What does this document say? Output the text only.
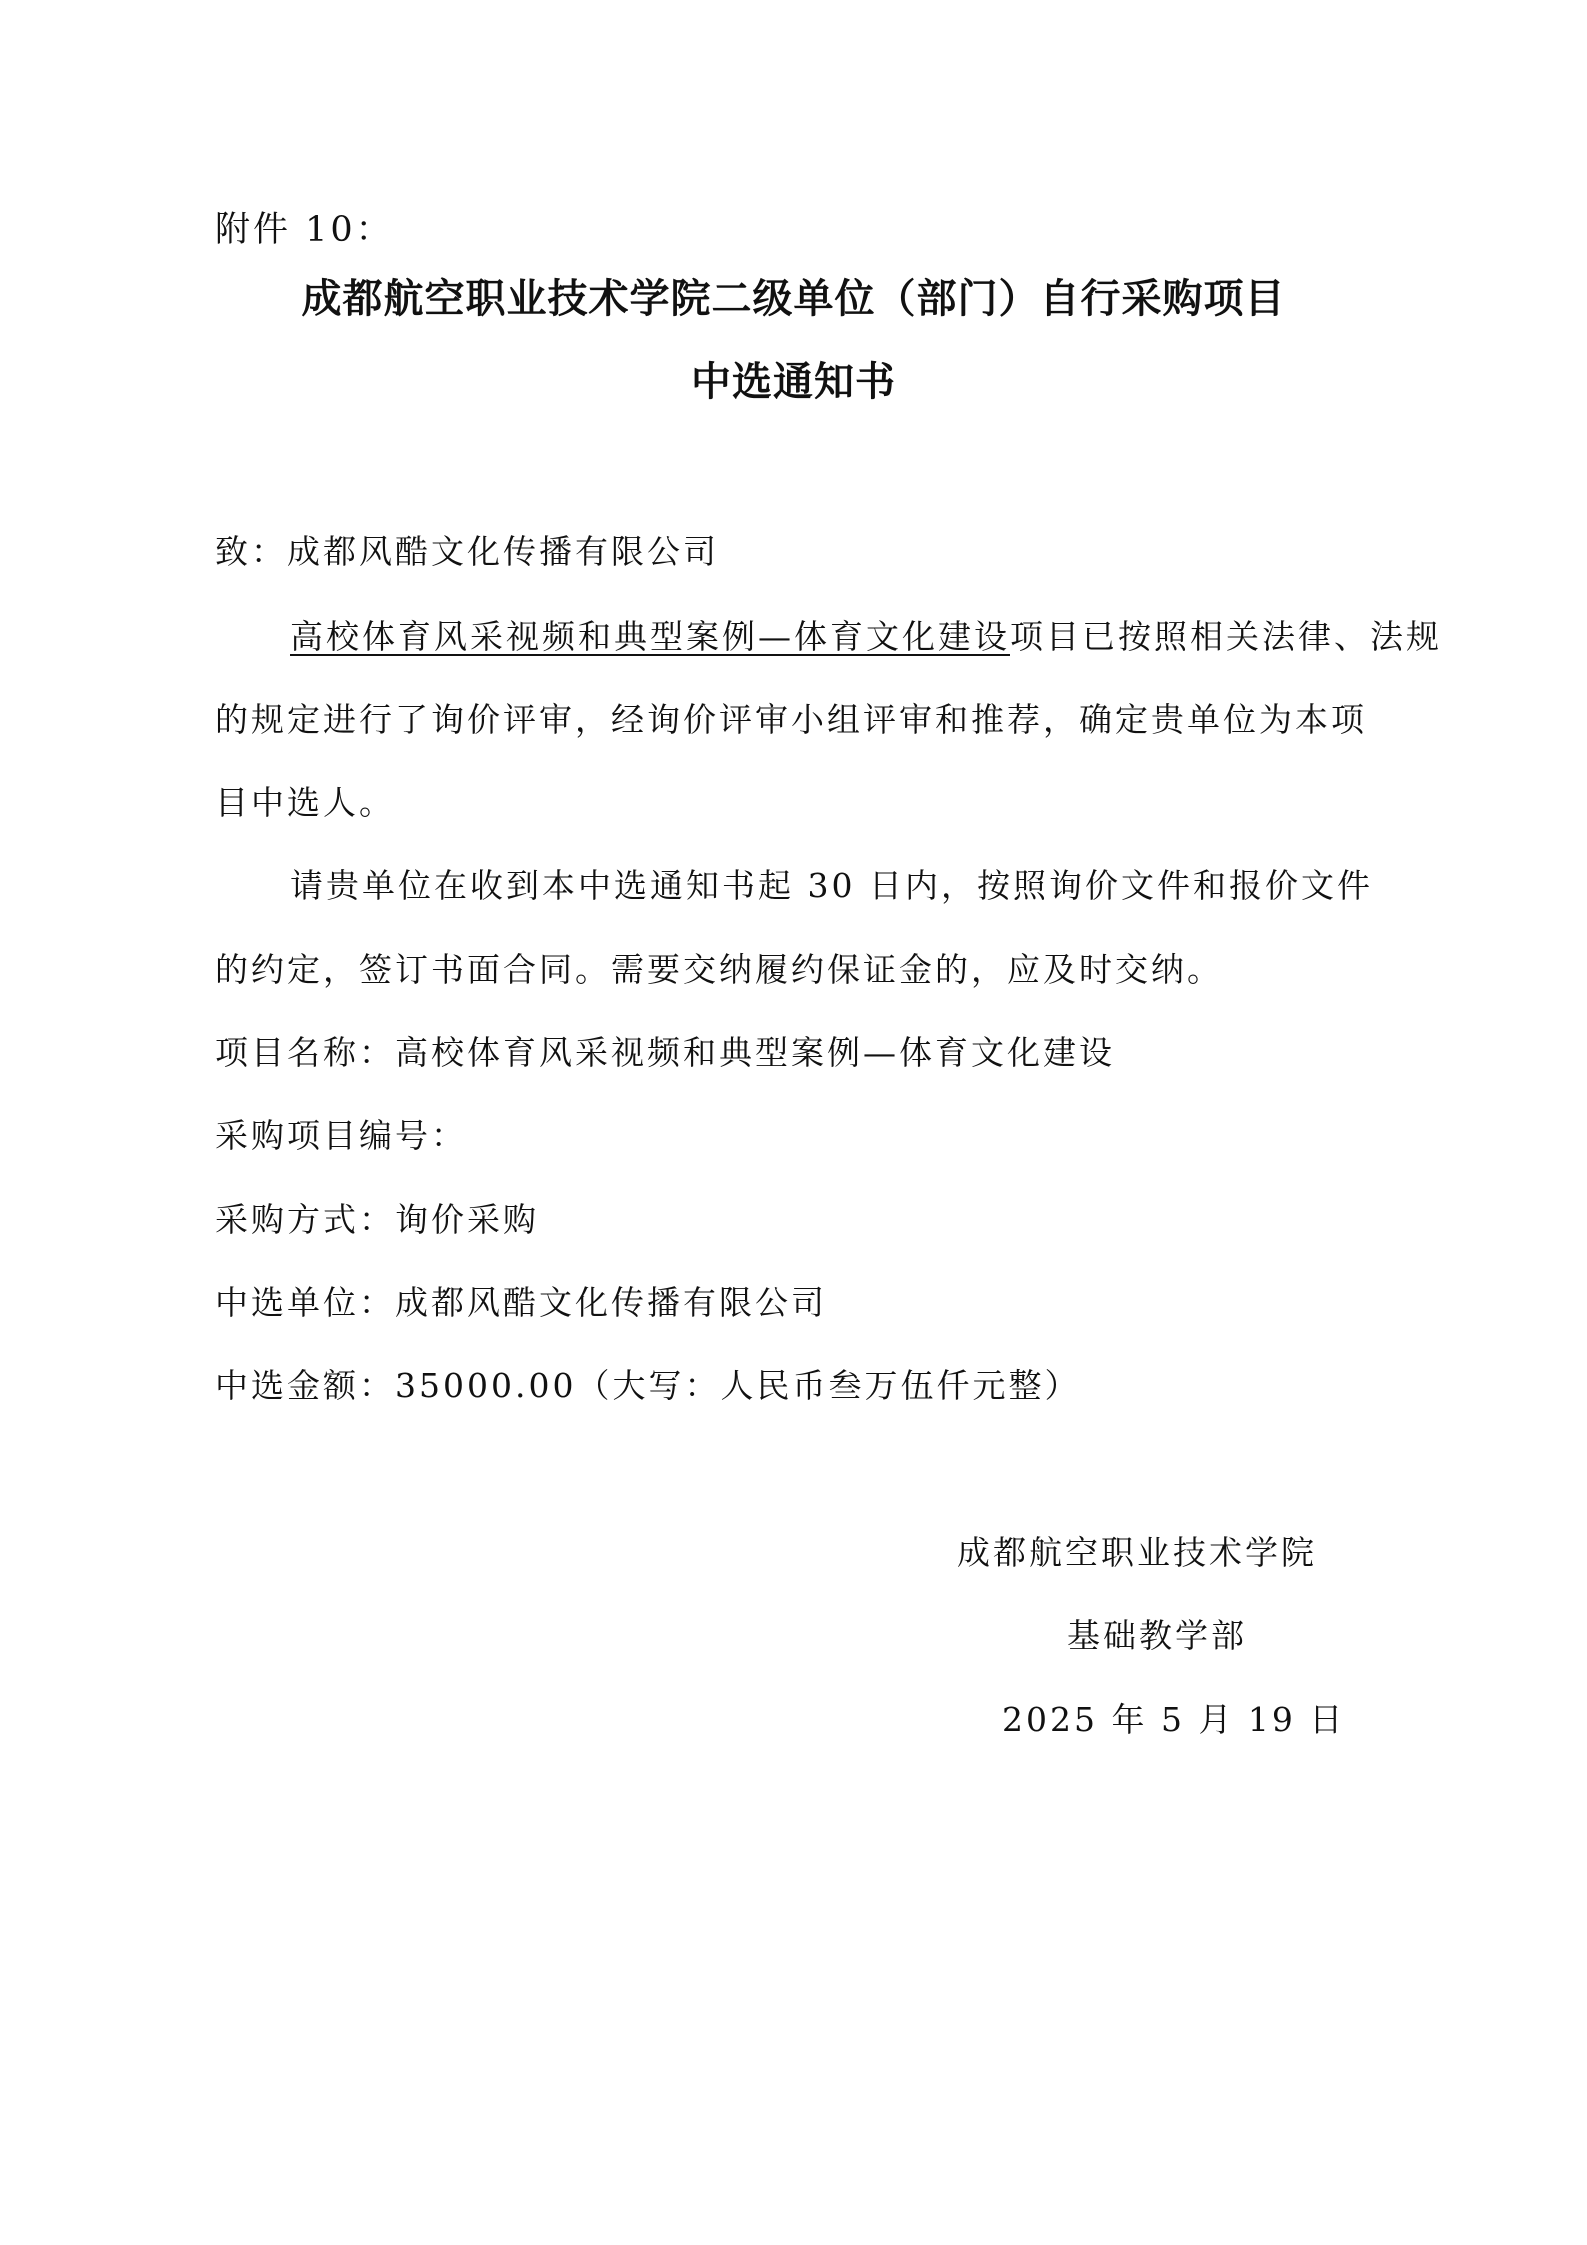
附件 10：
成都航空职业技术学院二级单位（部门）自行采购项目
中选通知书
致：成都风酷文化传播有限公司
高校体育风采视频和典型案例—体育文化建设项目已按照相关法律、法规
的规定进行了询价评审，经询价评审小组评审和推荐，确定贵单位为本项
目中选人。
请贵单位在收到本中选通知书起 30 日内，按照询价文件和报价文件
的约定，签订书面合同。需要交纳履约保证金的，应及时交纳。
项目名称：高校体育风采视频和典型案例—体育文化建设
采购项目编号：
采购方式：询价采购
中选单位：成都风酷文化传播有限公司
中选金额：35000.00（大写：人民币叁万伍仟元整）
成都航空职业技术学院
基础教学部
2025 年 5 月 19 日
